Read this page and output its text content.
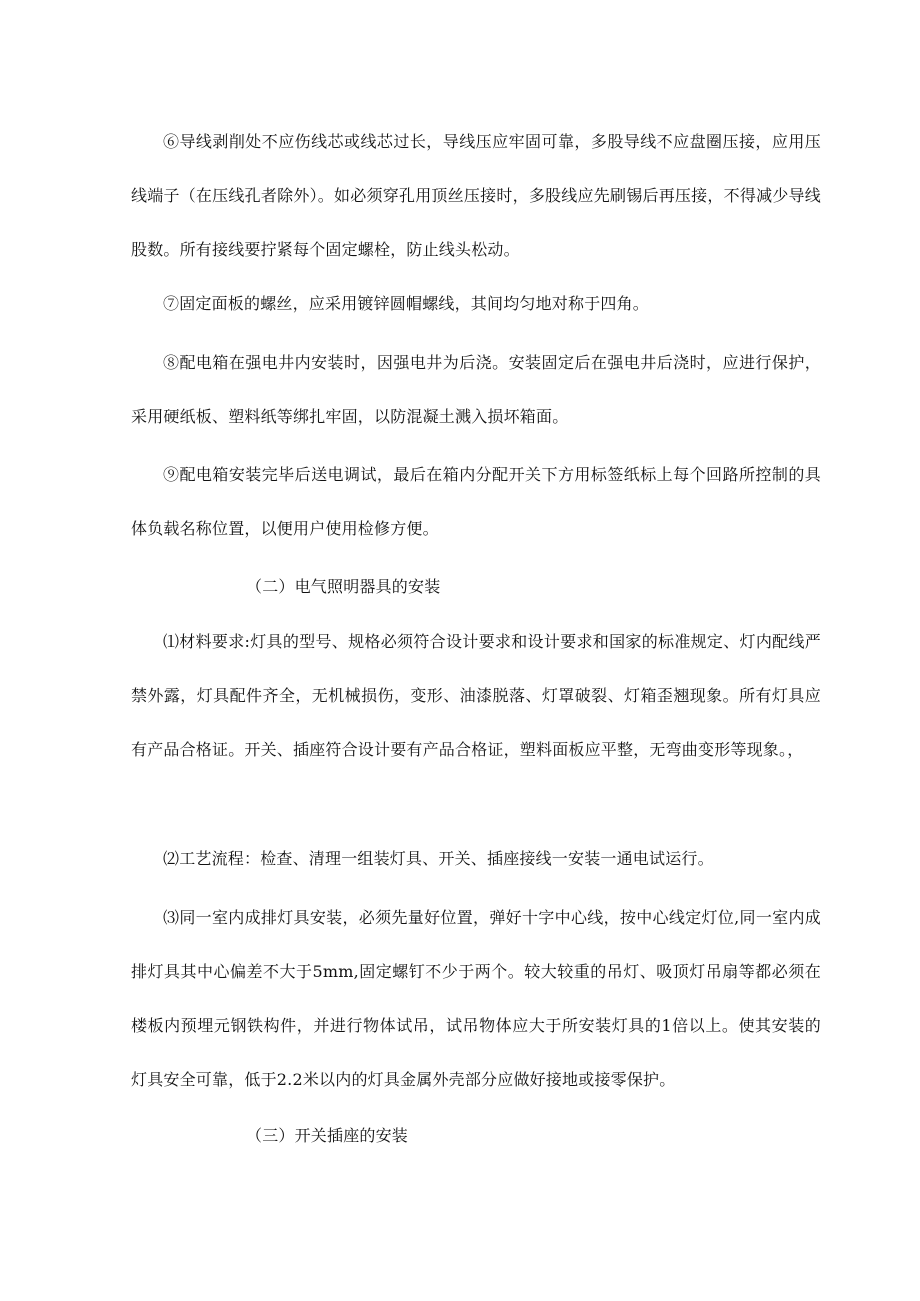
⑥导线剥削处不应伤线芯或线芯过长，导线压应牢固可靠，多股导线不应盘圈压接，应用压线端子（在压线孔者除外）。如必须穿孔用顶丝压接时，多股线应先刷锡后再压接，不得减少导线股数。所有接线要拧紧每个固定螺栓，防止线头松动。

⑦固定面板的螺丝，应采用镀锌圆帽螺线，其间均匀地对称于四角。

⑧配电箱在强电井内安装时，因强电井为后浇。安装固定后在强电井后浇时，应进行保护，采用硬纸板、塑料纸等绑扎牢固，以防混凝土溅入损坏箱面。

⑨配电箱安装完毕后送电调试，最后在箱内分配开关下方用标签纸标上每个回路所控制的具体负载名称位置，以便用户使用检修方便。

（二）电气照明器具的安装

⑴材料要求:灯具的型号、规格必须符合设计要求和设计要求和国家的标准规定、灯内配线严禁外露，灯具配件齐全，无机械损伤，变形、油漆脱落、灯罩破裂、灯箱歪翘现象。所有灯具应有产品合格证。开关、插座符合设计要有产品合格证，塑料面板应平整，无弯曲变形等现象。，

⑵工艺流程：检查、清理一组装灯具、开关、插座接线一安装一通电试运行。

⑶同一室内成排灯具安装，必须先量好位置，弹好十字中心线，按中心线定灯位,同一室内成排灯具其中心偏差不大于5mm,固定螺钉不少于两个。较大较重的吊灯、吸顶灯吊扇等都必须在楼板内预埋元钢铁构件，并进行物体试吊，试吊物体应大于所安装灯具的1倍以上。使其安装的灯具安全可靠，低于2.2米以内的灯具金属外壳部分应做好接地或接零保护。

（三）开关插座的安装
